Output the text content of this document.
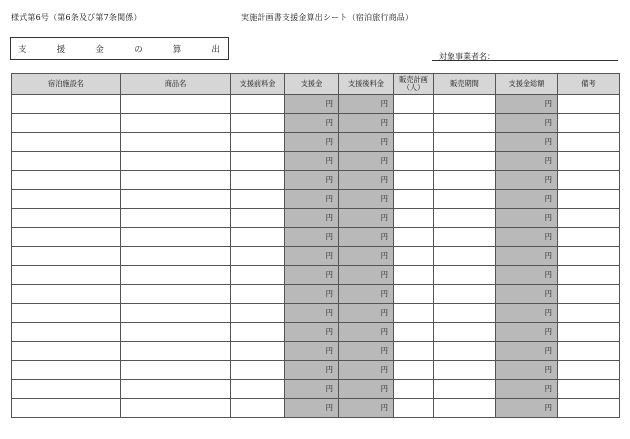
様式第6号（第6条及び第7条関係）	実施計画書支援金算出シート（宿泊旅行商品）
支	援	金	の	算	出
対象事業者名：
宿泊施設名	商品名	支援前料金	支援金	支援後料金	販売計画
（人）	販売期間	支援金総額	備考
			円	円			円	
			円	円			円	
			円	円			円	
			円	円			円	
			円	円			円	
			円	円			円	
			円	円			円	
			円	円			円	
			円	円			円	
			円	円			円	
			円	円			円	
			円	円			円	
			円	円			円	
			円	円			円	
			円	円			円	
			円	円			円	
			円	円			円	
